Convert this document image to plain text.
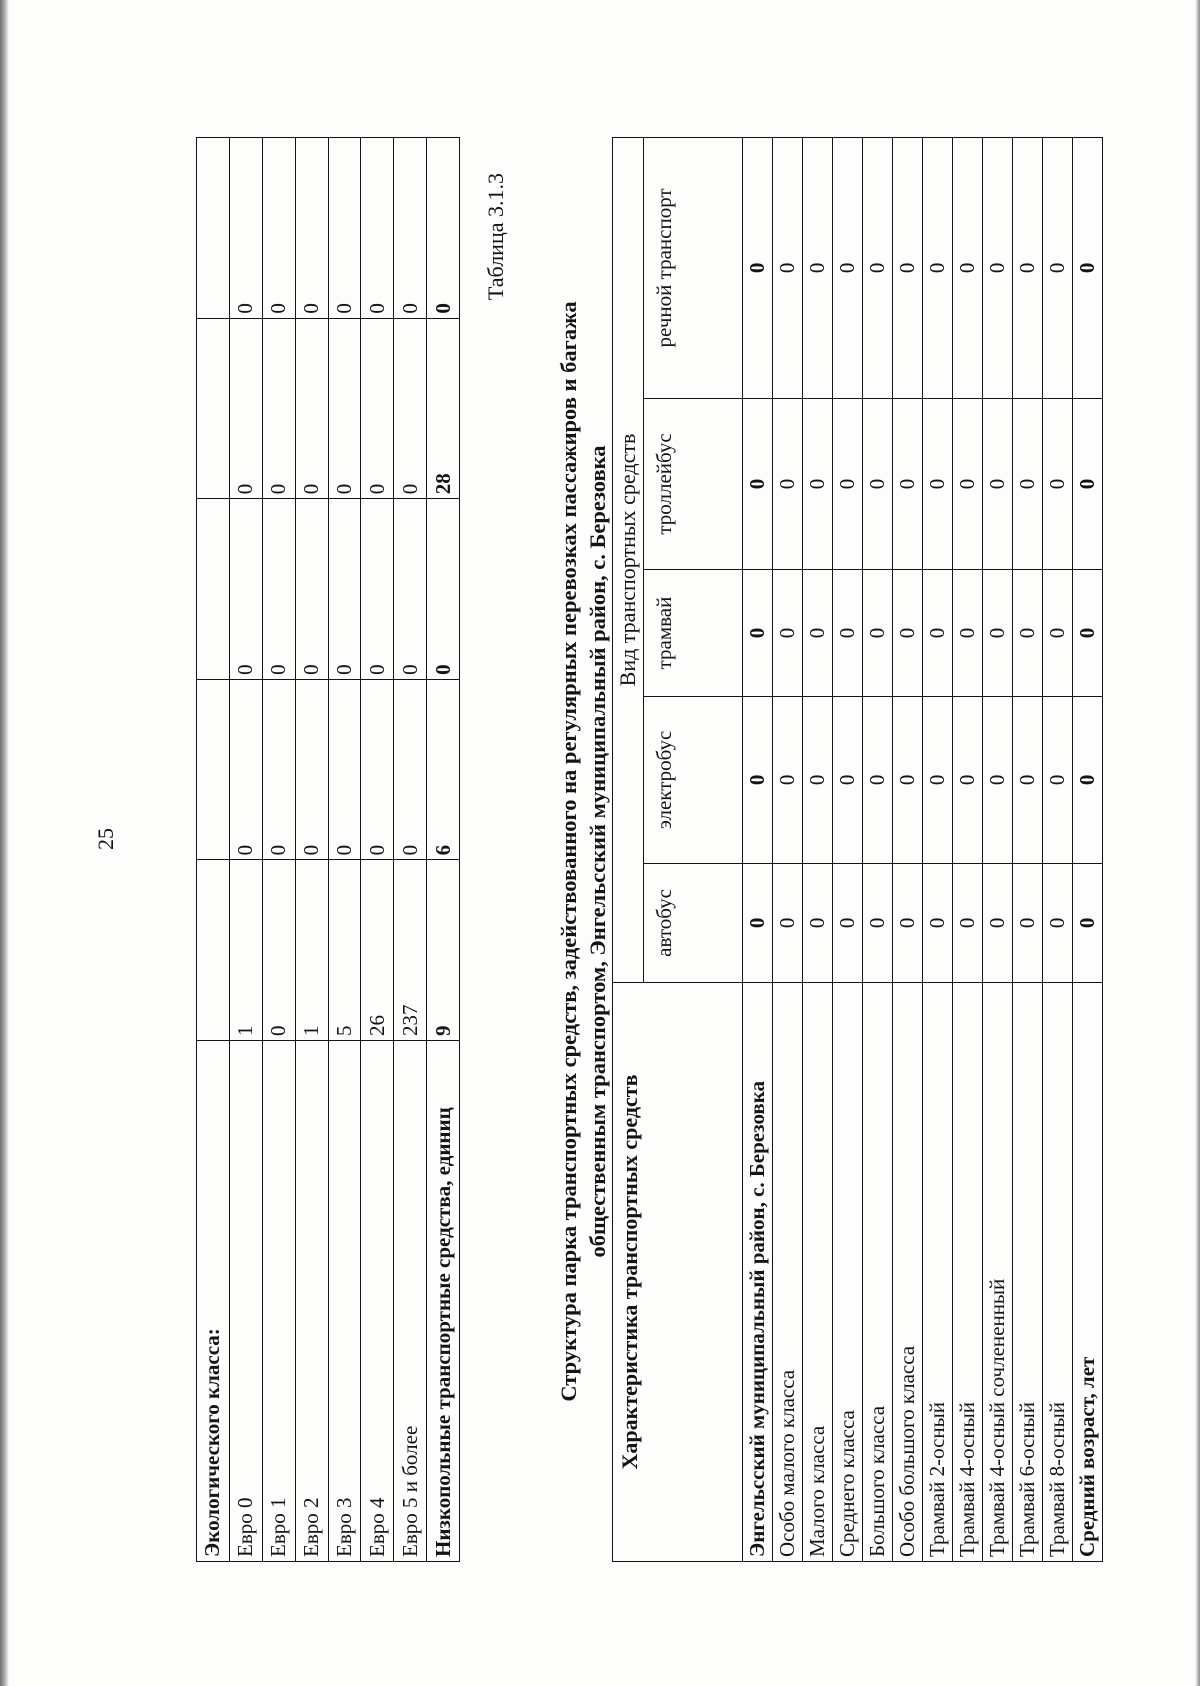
25
Экологического класса:					
Евро 0	1	0	0	0	0
Евро 1	0	0	0	0	0
Евро 2	1	0	0	0	0
Евро 3	5	0	0	0	0
Евро 4	26	0	0	0	0
Евро 5 и более	237	0	0	0	0
Низкопольные транспортные средства, единиц	9	6	0	28	0
Таблица 3.1.3
Структура парка транспортных средств, задействованного на регулярных перевозках пассажиров и багажа общественным транспортом, Энгельсский муниципальный район, с. Березовка
Характеристика транспортных средств	Вид транспортных средств				
	автобус	электробус	трамвай	троллейбус	речной транспорт
Энгельсский муниципальный район, с. Березовка	0	0	0	0	0
Особо малого класса	0	0	0	0	0
Малого класса	0	0	0	0	0
Среднего класса	0	0	0	0	0
Большого класса	0	0	0	0	0
Особо большого класса	0	0	0	0	0
Трамвай 2-осный	0	0	0	0	0
Трамвай 4-осный	0	0	0	0	0
Трамвай 4-осный сочлененный	0	0	0	0	0
Трамвай 6-осный	0	0	0	0	0
Трамвай 8-осный	0	0	0	0	0
Средний возраст, лет	0	0	0	0	0
